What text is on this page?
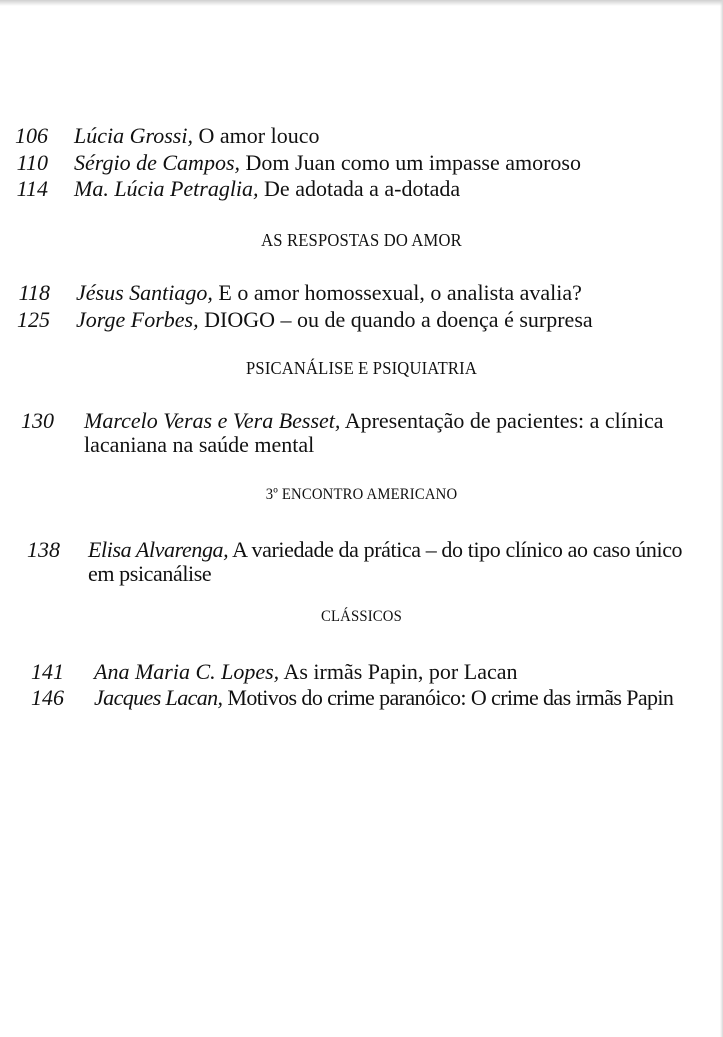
106 Lúcia Grossi, O amor louco
110 Sérgio de Campos, Dom Juan como um impasse amoroso
114 Ma. Lúcia Petraglia, De adotada a a-dotada
AS RESPOSTAS DO AMOR
118 Jésus Santiago, E o amor homossexual, o analista avalia?
125 Jorge Forbes, DIOGO – ou de quando a doença é surpresa
PSICANÁLISE E PSIQUIATRIA
130 Marcelo Veras e Vera Besset, Apresentação de pacientes: a clínica lacaniana na saúde mental
3º ENCONTRO AMERICANO
138 Elisa Alvarenga, A variedade da prática – do tipo clínico ao caso único em psicanálise
CLÁSSICOS
141 Ana Maria C. Lopes, As irmãs Papin, por Lacan
146 Jacques Lacan, Motivos do crime paranóico: O crime das irmãs Papin
